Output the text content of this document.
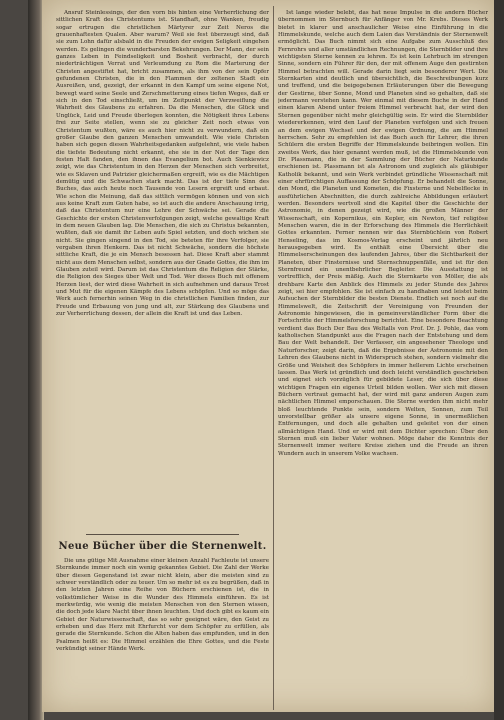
Ansruf Steinlessings, der den vorn bis hinten eine Verherrlichung der sittlichen Kraft des Christentums ist. Standhaft, ohne Wanken, freudig sogar ertrugen die christlichen Märtyrer zur Zeit Neros die grauenhaftesten Qualen. Aber warum? Weil sie fest überzeugt sind, daß sie zum Lohn dafür alsbald in die Freuden der ewigen Seligkeit eingehen werden. Es gelingen die wunderbarsten Bekehrungen. Der Mann, der sein ganzes Leben in Feindseligkeit und Bosheit verbracht, der durch niederträchtigen Verrat und Verleumdung zu Rom die Marterung der Christen angestiftet hat, bricht zusammen, als ihm von der sein Opfer gefundenen Christen, die in den Flammen der zeltenen Stadt ein Ausreißen, und, gezeigt, der erkannt in den Kampf um seine eigene Not, bewegt ward seine Seele und Zerschmetterung eines tiefen Weges, daß er sich in den Tod einschließt, um im Zeitpunkt der Verzweiflung die Wahrheit des Glaubens zu erfahren. Da die Menschen, die Glück und Unglück, Leid und Freude überlegen konnten, die Nötigkeit ihres Lebens frei zur Seite stellen, wenn sie zu gleicher Zeit noch etwas von Christentum wußten, wäre es auch hier nicht zu verwundern, daß ein großer Glaube den ganzen Menschen umwandelt. Wie viele Christen haben sich gegen diesen Wahrheitsgedanken aufgelehnt, wie viele haben die tiefste Bedeutung nicht erkannt, ehe sie in der Not der Tage den festen Halt fanden, den ihnen das Evangelium bot. Auch Sienkiewicz zeigt, wie das Christentum in den Herzen der Menschen sich verbreitet, wie es Sklaven und Patrizier gleichermaßen ergreift, wie es die Mächtigen demütig und die Schwachen stark macht. Das ist der tiefe Sinn des Buches, das auch heute noch Tausende von Lesern ergreift und erbaut. Wie schon die Meinung, daß das sittlich vermögen können und von sich aus keine Kraft zum Guten habe, so ist auch die andere Anschauung irrig, daß das Christentum nur eine Lehre der Schwäche sei. Gerade die Geschichte der ersten Christenverfolgungen zeigt, welche gewaltige Kraft in dem neuen Glauben lag. Die Menschen, die sich zu Christus bekannten, wußten, daß sie damit ihr Leben aufs Spiel setzten, und doch wichen sie nicht. Sie gingen singend in den Tod, sie beteten für ihre Verfolger, sie vergaben ihren Henkern. Das ist nicht Schwäche, sondern die höchste sittliche Kraft, die je ein Mensch besessen hat. Diese Kraft aber stammt nicht aus dem Menschen selbst, sondern aus der Gnade Gottes, die ihm im Glauben zuteil wird. Darum ist das Christentum die Religion der Stärke, die Religion des Sieges über Welt und Tod. Wer dieses Buch mit offenem Herzen liest, der wird diese Wahrheit in sich aufnehmen und daraus Trost und Mut für die eigenen Kämpfe des Lebens schöpfen. Und so möge das Werk auch fernerhin seinen Weg in die christlichen Familien finden, zur Freude und Erbauung von jung und alt, zur Stärkung des Glaubens und zur Verherrlichung dessen, der allein die Kraft ist und das Leben.

Neue Bücher über die Sternenwelt.

Die uns gütige Mit Ausnahme einer kleinen Anzahl Fachleute ist unsere Sternkunde immer noch ein wenig gekanntes Gebiet. Die Zahl der Werke über diesen Gegenstand ist zwar nicht klein, aber die meisten sind zu schwer verständlich oder zu teuer. Um so mehr ist es zu begrüßen, daß in den letzten Jahren eine Reihe von Büchern erschienen ist, die in volkstümlicher Weise in die Wunder des Himmels einführen. Es ist merkwürdig, wie wenig die meisten Menschen von den Sternen wissen, die doch jede klare Nacht über ihnen leuchten. Und doch gibt es kaum ein Gebiet der Naturwissenschaft, das so sehr geeignet wäre, den Geist zu erheben und das Herz mit Ehrfurcht vor dem Schöpfer zu erfüllen, als gerade die Sternkunde. Schon die Alten haben das empfunden, und in den Psalmen heißt es: Die Himmel erzählen die Ehre Gottes, und die Feste verkündigt seiner Hände Werk.

Ist lange wieder belebt, das hat neue Impulse in die andern Bücher übernommen im Sternbuch für Anfänger von Mr. Krebs. Dieses Werk bietet in klarer und anschaulicher Weise eine Einführung in die Himmelskunde, welche auch dem Laien das Verständnis der Sternenwelt ermöglicht. Das Buch nimmt sich eine Aufgabe zum Ausschluß des Fernrohrs und aller umständlichen Rechnungen, die Sternbilder und ihre wichtigsten Sterne kennen zu lehren. Es ist kein Lehrbuch im strengen Sinne, sondern ein Führer für den, der mit offenem Auge den gestirnten Himmel betrachten will. Gerade darin liegt sein besonderer Wert. Die Sternkarten sind deutlich und übersichtlich, die Beschreibungen kurz und treffend, und die beigegebenen Erläuterungen über die Bewegung der Gestirne, über Sonne, Mond und Planeten sind so gehalten, daß sie jedermann verstehen kann. Wer einmal mit diesem Buche in der Hand einen klaren Abend unter freiem Himmel verbracht hat, der wird den Sternen gegenüber nicht mehr gleichgültig sein. Er wird die Sternbilder wiedererkennen, wird den Lauf der Planeten verfolgen und sich freuen an dem ewigen Wechsel und der ewigen Ordnung, die am Himmel herrschen. Sehr zu empfehlen ist das Buch auch für Lehrer, die ihren Schülern die ersten Begriffe der Himmelskunde beibringen wollen. Ein zweites Werk, das hier genannt werden muß, ist die Himmelskunde von Dr. Plassmann, die in der Sammlung der Bücher der Naturkunde erschienen ist. Plassmann ist als Astronom und zugleich als gläubiger Katholik bekannt, und sein Werk verbindet gründliche Wissenschaft mit einer ehrfürchtigen Auffassung der Schöpfung. Er behandelt die Sonne, den Mond, die Planeten und Kometen, die Fixsterne und Nebelflecke in ausführlichen Abschnitten, die durch zahlreiche Abbildungen erläutert werden. Besonders wertvoll sind die Kapitel über die Geschichte der Astronomie, in denen gezeigt wird, wie die großen Männer der Wissenschaft, ein Kopernikus, ein Kepler, ein Newton, tief religiöse Menschen waren, die in der Erforschung des Himmels die Herrlichkeit Gottes erkannten. Ferner nennen wir das Sternbüchlein von Robert Henseling, das im Kosmos-Verlag erscheint und jährlich neu herausgegeben wird. Es enthält eine Übersicht über die Himmelserscheinungen des laufenden Jahres, über die Sichtbarkeit der Planeten, über Finsternisse und Sternschnuppenfälle, und ist für den Sternfreund ein unentbehrlicher Begleiter. Die Ausstattung ist vortrefflich, der Preis mäßig. Auch die Sternkarte von Möller, die als drehbare Karte den Anblick des Himmels zu jeder Stunde des Jahres zeigt, sei hier empfohlen. Sie ist einfach zu handhaben und leistet beim Aufsuchen der Sternbilder die besten Dienste. Endlich sei noch auf die Himmelswelt, die Zeitschrift der Vereinigung von Freunden der Astronomie hingewiesen, die in gemeinverständlicher Form über die Fortschritte der Himmelsforschung berichtet. Eine besondere Beachtung verdient das Buch Der Bau des Weltalls von Prof. Dr. J. Pohle, das vom katholischen Standpunkt aus die Fragen nach der Entstehung und dem Bau der Welt behandelt. Der Verfasser, ein angesehener Theologe und Naturforscher, zeigt darin, daß die Ergebnisse der Astronomie mit den Lehren des Glaubens nicht in Widerspruch stehen, sondern vielmehr die Größe und Weisheit des Schöpfers in immer hellerem Lichte erscheinen lassen. Das Werk ist gründlich und doch leicht verständlich geschrieben und eignet sich vorzüglich für gebildete Leser, die sich über diese wichtigen Fragen ein eigenes Urteil bilden wollen. Wer sich mit diesen Büchern vertraut gemacht hat, der wird mit ganz anderen Augen zum nächtlichen Himmel emporschauen. Die Sterne werden ihm nicht mehr bloß leuchtende Punkte sein, sondern Welten, Sonnen, zum Teil unvorstellbar größer als unsere eigene Sonne, in unermeßlichen Entfernungen, und doch alle gehalten und geleitet von der einen allmächtigen Hand. Und er wird mit dem Dichter sprechen: Über den Sternen muß ein lieber Vater wohnen. Möge daher die Kenntnis der Sternenwelt immer weitere Kreise ziehen und die Freude an ihren Wundern auch in unserem Volke wachsen.
